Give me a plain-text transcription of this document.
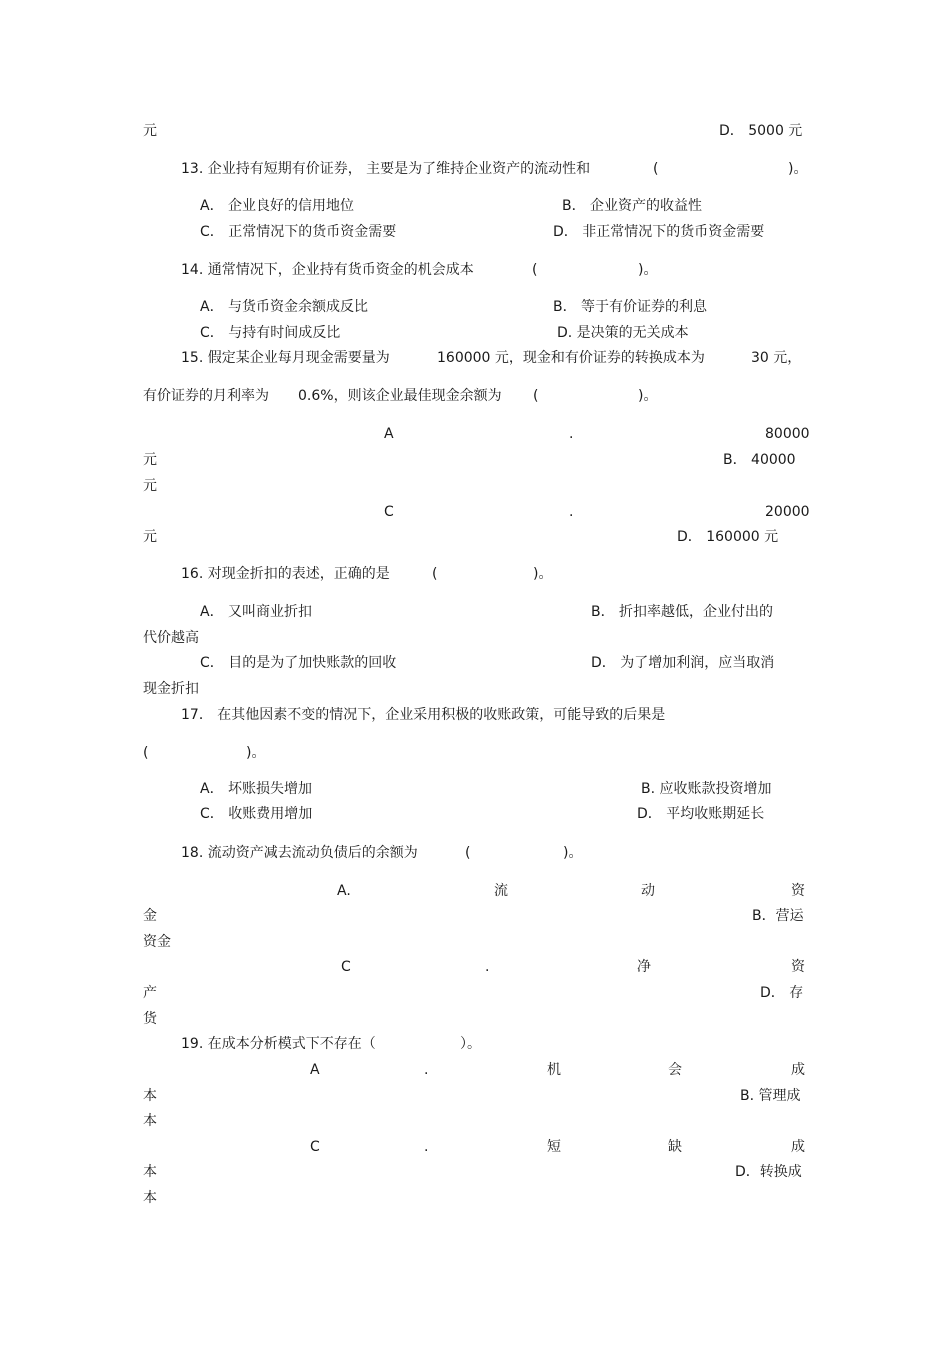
元	D． 5000 元
13. 企业持有短期有价证券， 主要是为了维持企业资产的流动性和	(	)。
A． 企业良好的信用地位	B． 企业资产的收益性
C． 正常情况下的货币资金需要	D． 非正常情况下的货币资金需要
14. 通常情况下，企业持有货币资金的机会成本	(	)。
A． 与货币资金余额成反比	B． 等于有价证券的利息
C． 与持有时间成反比	D. 是决策的无关成本
15. 假定某企业每月现金需要量为	160000 元，现金和有价证券的转换成本为	30 元，
有价证券的月利率为 0.6%，则该企业最佳现金余额为 (	)。
A	.	80000
元	B． 40000
元
C	.	20000
元	D． 160000 元
16. 对现金折扣的表述，正确的是	(	)。
A． 又叫商业折扣	B． 折扣率越低，企业付出的
代价越高
C． 目的是为了加快账款的回收	D． 为了增加利润，应当取消
现金折扣
17． 在其他因素不变的情况下，企业采用积极的收账政策，可能导致的后果是
(	)。
A． 坏账损失增加	B. 应收账款投资增加
C． 收账费用增加	D． 平均收账期延长
18. 流动资产减去流动负债后的余额为	(	)。
A.	流	动	资
金	B．营运
资金
C	.	净	资
产	D． 存
货
19. 在成本分析模式下不存在（	）。
A	.	机	会	成
本	B. 管理成
本
C	.	短	缺	成
本	D．转换成
本
